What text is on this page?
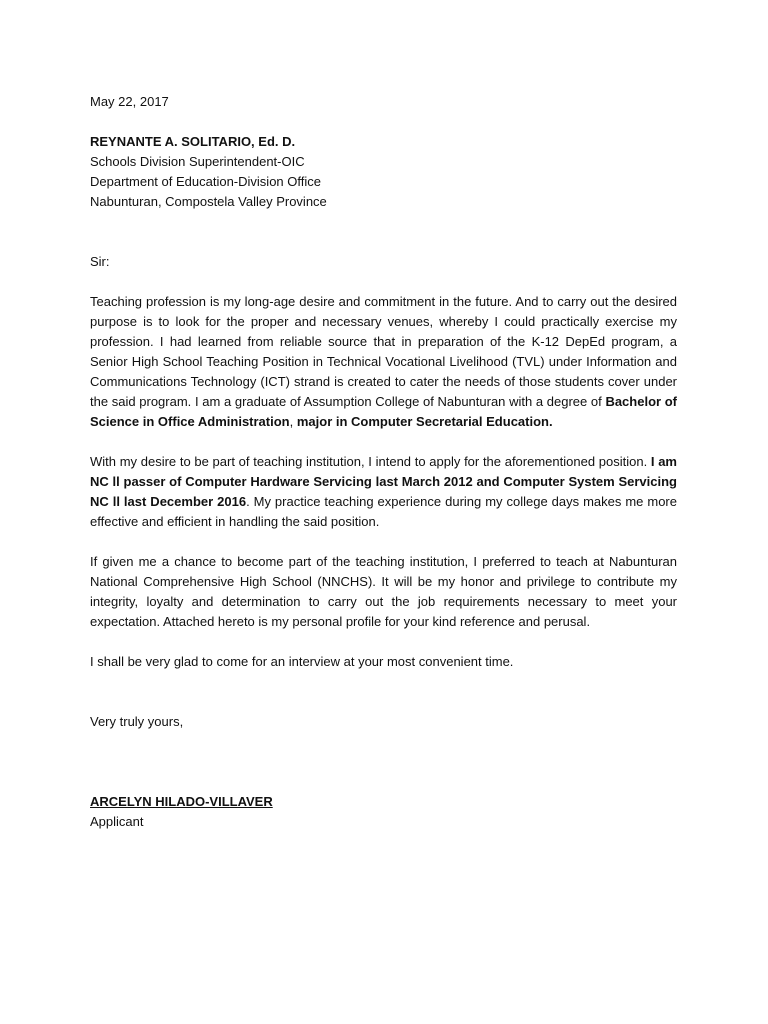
May 22, 2017

REYNANTE A. SOLITARIO, Ed. D.

Schools Division Superintendent-OIC

Department of Education-Division Office

Nabunturan, Compostela Valley Province

Sir:

Teaching profession is my long-age desire and commitment in the future. And to carry out the desired purpose is to look for the proper and necessary venues, whereby I could practically exercise my profession. I had learned from reliable source that in preparation of the K-12 DepEd program, a Senior High School Teaching Position in Technical Vocational Livelihood (TVL) under Information and Communications Technology (ICT) strand is created to cater the needs of those students cover under the said program. I am a graduate of Assumption College of Nabunturan with a degree of Bachelor of Science in Office Administration, major in Computer Secretarial Education.

With my desire to be part of teaching institution, I intend to apply for the aforementioned position. I am NC ll passer of Computer Hardware Servicing last March 2012 and Computer System Servicing NC ll last December 2016. My practice teaching experience during my college days makes me more effective and efficient in handling the said position.

If given me a chance to become part of the teaching institution, I preferred to teach at Nabunturan National Comprehensive High School (NNCHS). It will be my honor and privilege to contribute my integrity, loyalty and determination to carry out the job requirements necessary to meet your expectation. Attached hereto is my personal profile for your kind reference and perusal.

I shall be very glad to come for an interview at your most convenient time.

Very truly yours,

ARCELYN HILADO-VILLAVER

Applicant
